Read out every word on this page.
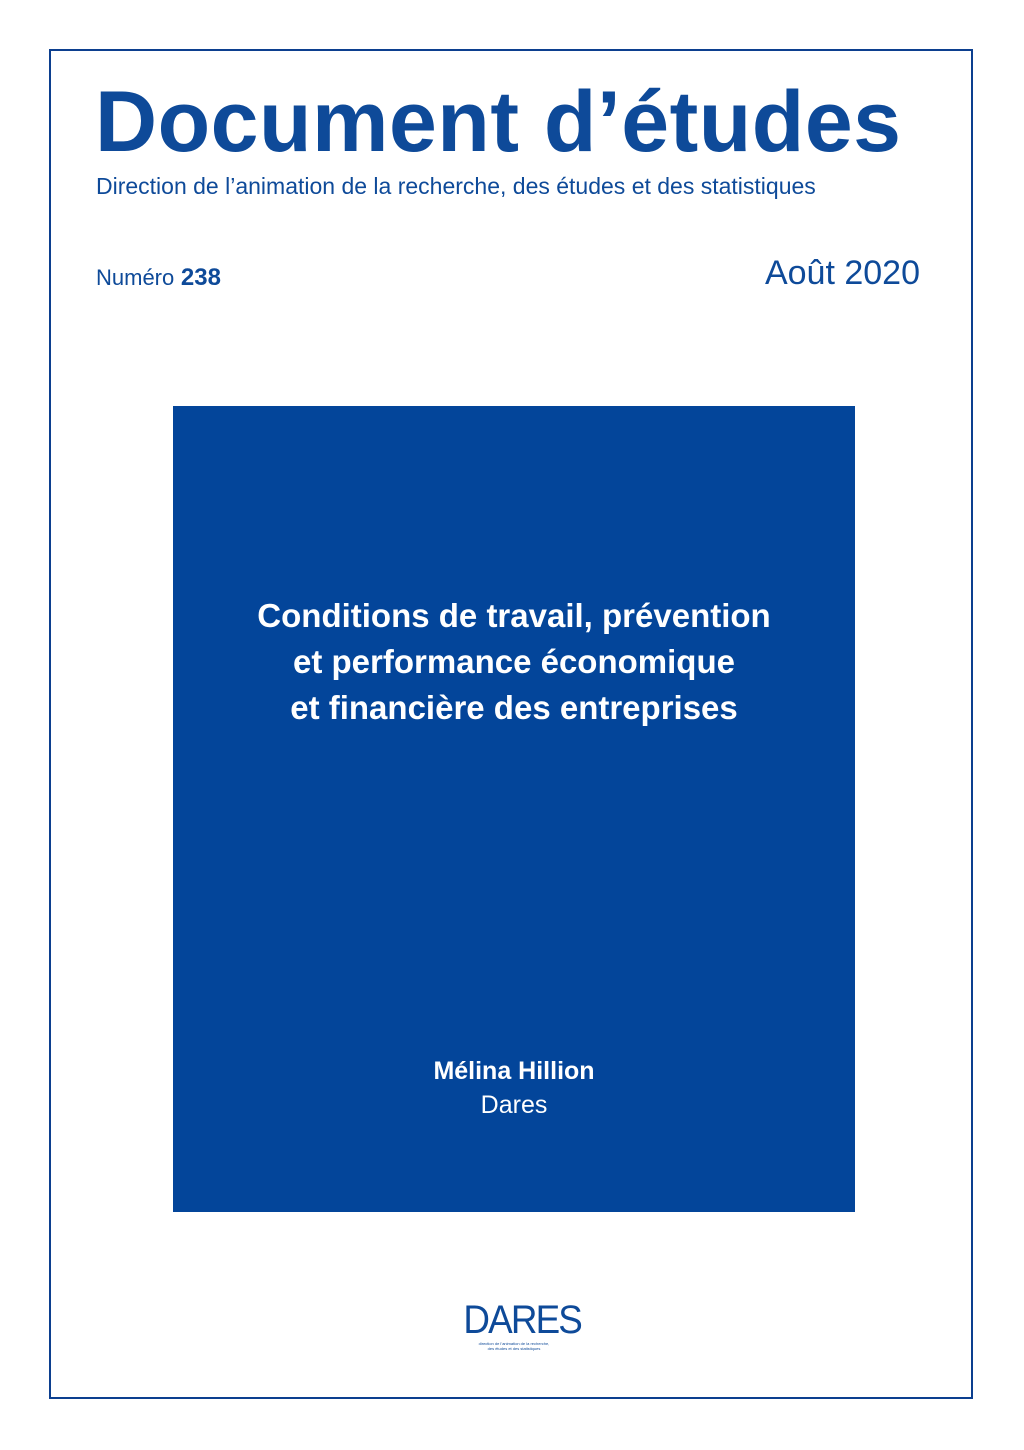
Document d’études
Direction de l’animation de la recherche, des études et des statistiques
Numéro 238	Août 2020
Conditions de travail, prévention
et performance économique
et financière des entreprises
Mélina Hillion
Dares
DARES
direction de l’animation de la recherche,
des études et des statistiques
